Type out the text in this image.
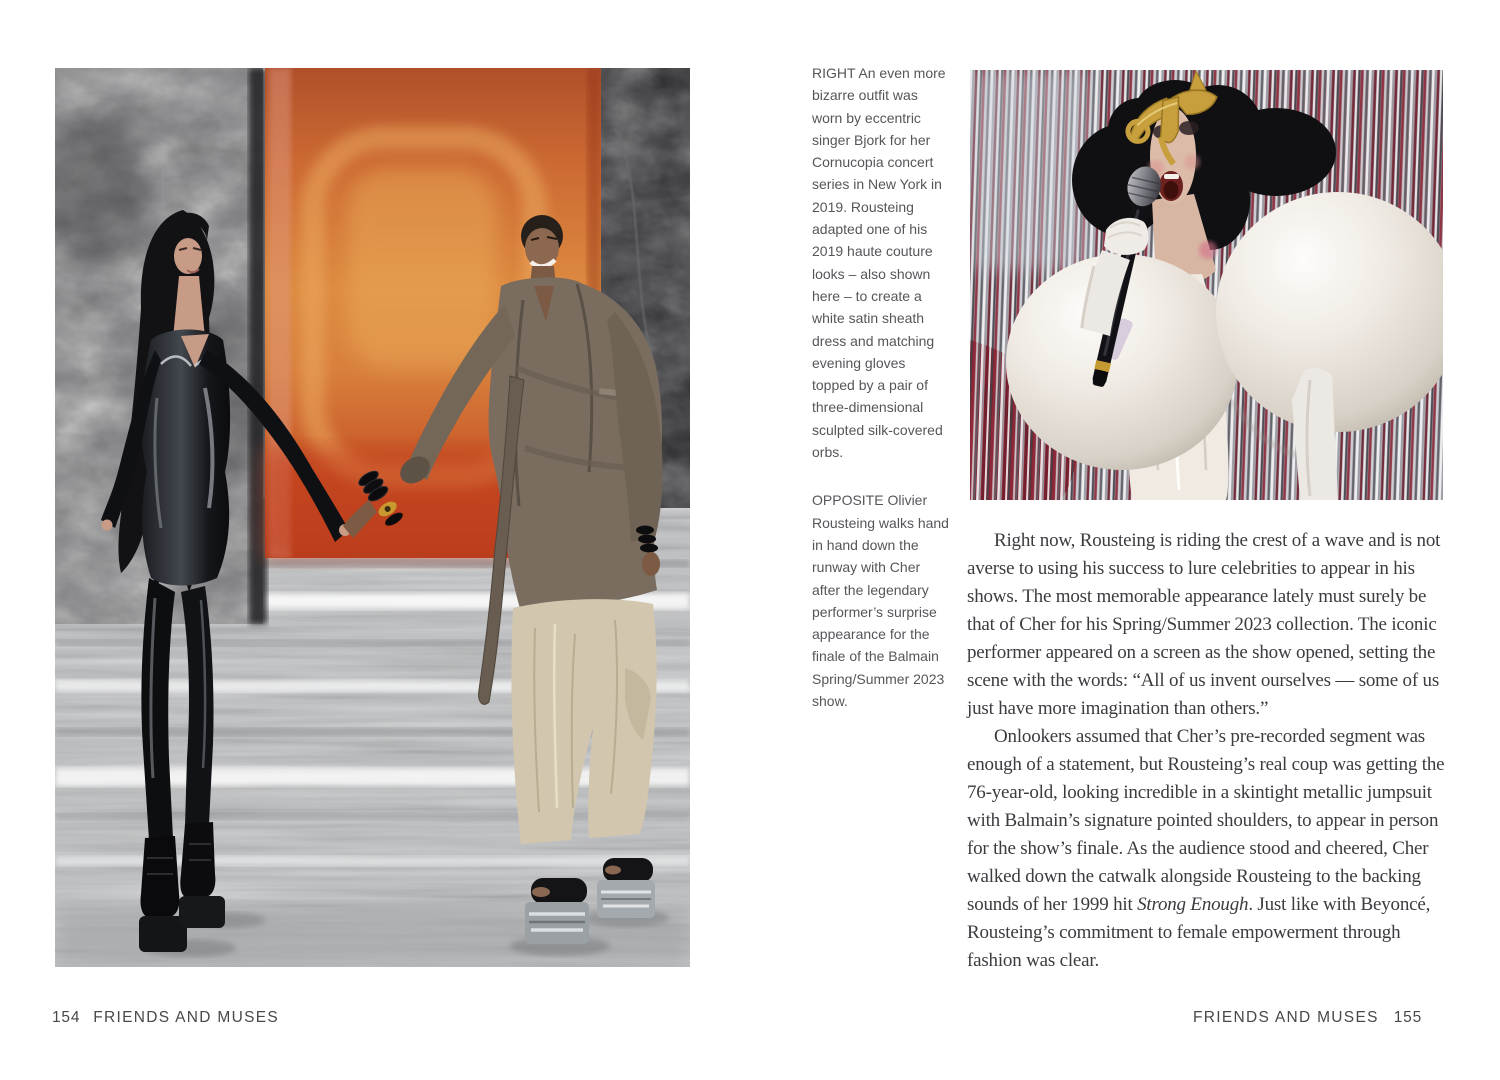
RIGHT An even more bizarre outfit was worn by eccentric singer Bjork for her Cornucopia concert series in New York in 2019. Rousteing adapted one of his 2019 haute couture looks – also shown here – to create a white satin sheath dress and matching evening gloves topped by a pair of three-dimensional sculpted silk-covered orbs.

OPPOSITE Olivier Rousteing walks hand in hand down the runway with Cher after the legendary performer’s surprise appearance for the finale of the Balmain Spring/Summer 2023 show.

Right now, Rousteing is riding the crest of a wave and is not averse to using his success to lure celebrities to appear in his shows. The most memorable appearance lately must surely be that of Cher for his Spring/Summer 2023 collection. The iconic performer appeared on a screen as the show opened, setting the scene with the words: “All of us invent ourselves — some of us just have more imagination than others.”

Onlookers assumed that Cher’s pre-recorded segment was enough of a statement, but Rousteing’s real coup was getting the 76-year-old, looking incredible in a skintight metallic jumpsuit with Balmain’s signature pointed shoulders, to appear in person for the show’s finale. As the audience stood and cheered, Cher walked down the catwalk alongside Rousteing to the backing sounds of her 1999 hit Strong Enough. Just like with Beyoncé, Rousteing’s commitment to female empowerment through fashion was clear.

154 FRIENDS AND MUSES	FRIENDS AND MUSES 155
